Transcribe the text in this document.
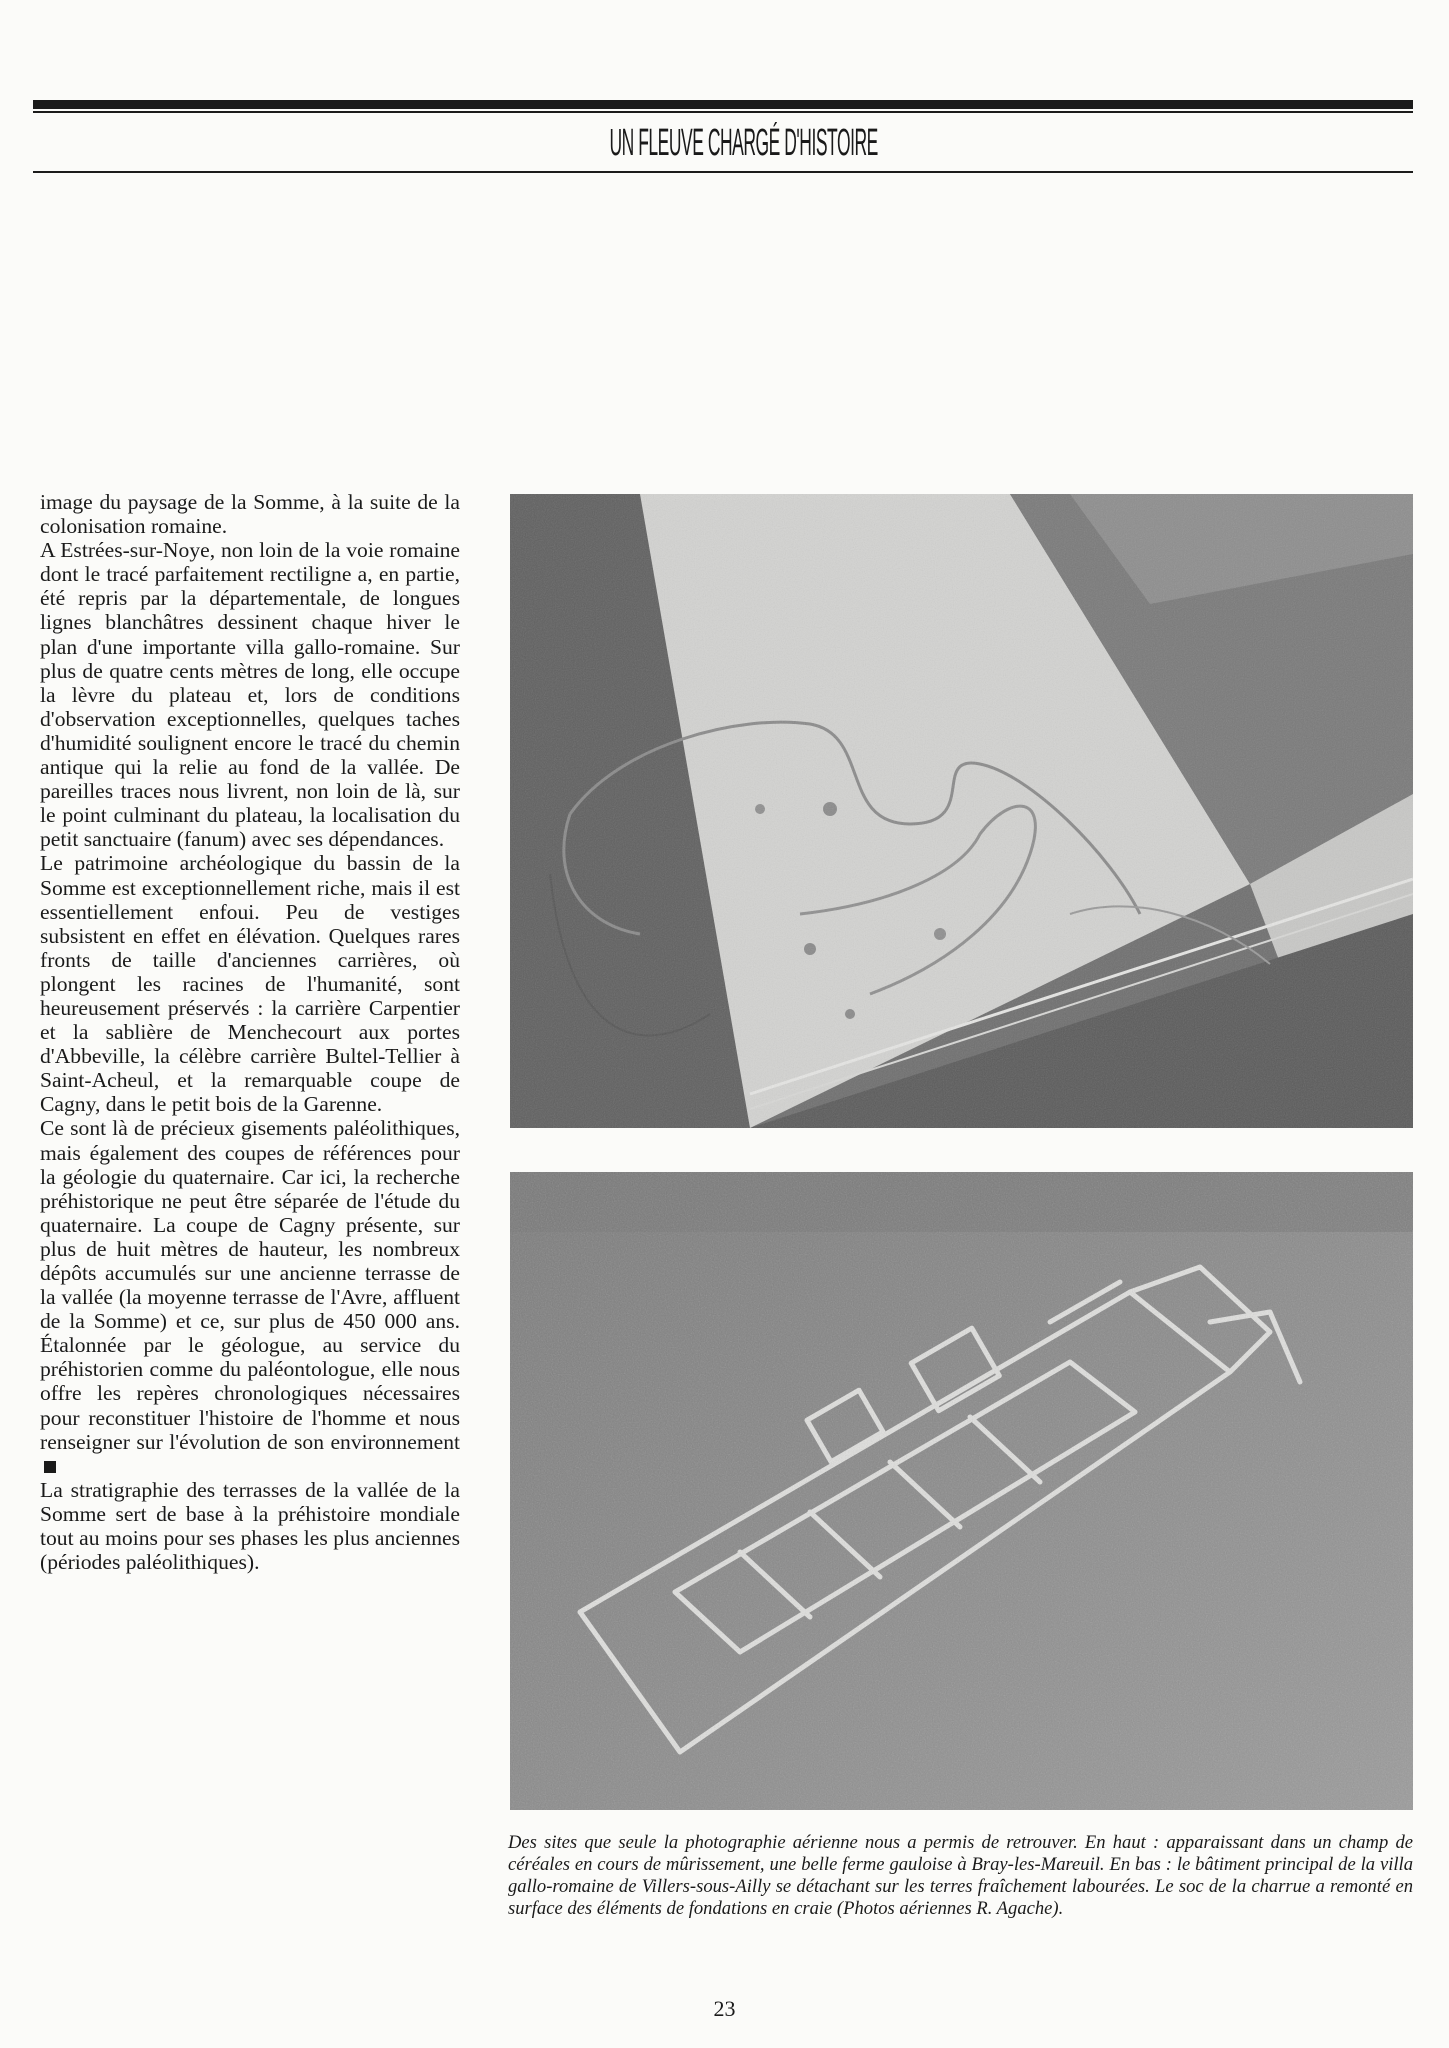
UN FLEUVE CHARGÉ D'HISTOIRE

image du paysage de la Somme, à la suite de la colonisation romaine.

A Estrées-sur-Noye, non loin de la voie romaine dont le tracé parfaitement rectiligne a, en partie, été repris par la départementale, de longues lignes blanchâtres dessinent chaque hiver le plan d'une importante villa gallo-romaine. Sur plus de quatre cents mètres de long, elle occupe la lèvre du plateau et, lors de conditions d'observation exceptionnelles, quelques taches d'humidité soulignent encore le tracé du chemin antique qui la relie au fond de la vallée. De pareilles traces nous livrent, non loin de là, sur le point culminant du plateau, la localisation du petit sanctuaire (fanum) avec ses dépendances.

Le patrimoine archéologique du bassin de la Somme est exceptionnellement riche, mais il est essentiellement enfoui. Peu de vestiges subsistent en effet en élévation. Quelques rares fronts de taille d'anciennes carrières, où plongent les racines de l'humanité, sont heureusement préservés : la carrière Carpentier et la sablière de Menchecourt aux portes d'Abbeville, la célèbre carrière Bultel-Tellier à Saint-Acheul, et la remarquable coupe de Cagny, dans le petit bois de la Garenne.

Ce sont là de précieux gisements paléolithiques, mais également des coupes de références pour la géologie du quaternaire. Car ici, la recherche préhistorique ne peut être séparée de l'étude du quaternaire. La coupe de Cagny présente, sur plus de huit mètres de hauteur, les nombreux dépôts accumulés sur une ancienne terrasse de la vallée (la moyenne terrasse de l'Avre, affluent de la Somme) et ce, sur plus de 450 000 ans. Étalonnée par le géologue, au service du préhistorien comme du paléontologue, elle nous offre les repères chronologiques nécessaires pour reconstituer l'histoire de l'homme et nous renseigner sur l'évolution de son environnement

La stratigraphie des terrasses de la vallée de la Somme sert de base à la préhistoire mondiale tout au moins pour ses phases les plus anciennes (périodes paléolithiques).

Des sites que seule la photographie aérienne nous a permis de retrouver. En haut : apparaissant dans un champ de céréales en cours de mûrissement, une belle ferme gauloise à Bray-les-Mareuil. En bas : le bâtiment principal de la villa gallo-romaine de Villers-sous-Ailly se détachant sur les terres fraîchement labourées. Le soc de la charrue a remonté en surface des éléments de fondations en craie (Photos aériennes R. Agache).
23
